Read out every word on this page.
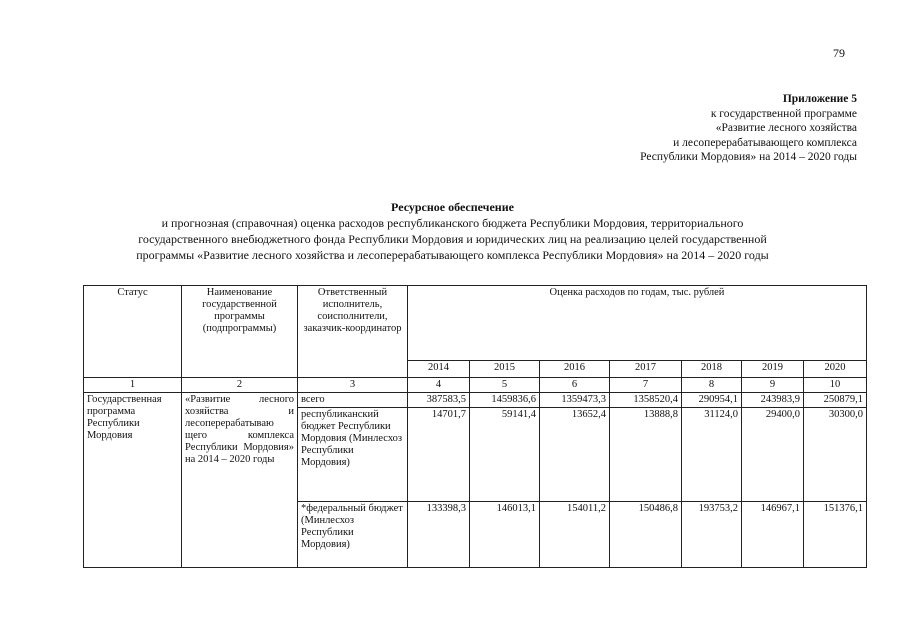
79
Приложение 5
к государственной программе
«Развитие лесного хозяйства
и лесоперерабатывающего комплекса
Республики Мордовия» на 2014 – 2020 годы
Ресурсное обеспечение
и прогнозная (справочная) оценка расходов республиканского бюджета Республики Мордовия, территориального
государственного внебюджетного фонда Республики Мордовия и юридических лиц на реализацию целей государственной
программы «Развитие лесного хозяйства и лесоперерабатывающего комплекса Республики Мордовия» на 2014 – 2020 годы
Статус	Наименование государственной программы (подпрограммы)	Ответственный исполнитель, соисполнители, заказчик-координатор	Оценка расходов по годам, тыс. рублей						
			2014	2015	2016	2017	2018	2019	2020
1	2	3	4	5	6	7	8	9	10
Государственная программа Республики Мордовия	«Развитие лесного хозяйства и лесоперерабатываю щего комплекса Республики Мордовия» на 2014 – 2020 годы	всего	387583,5	1459836,6	1359473,3	1358520,4	290954,1	243983,9	250879,1
		республиканский бюджет Республики Мордовия (Минлесхоз Республики Мордовия)	14701,7	59141,4	13652,4	13888,8	31124,0	29400,0	30300,0
		*федеральный бюджет (Минлесхоз Республики Мордовия)	133398,3	146013,1	154011,2	150486,8	193753,2	146967,1	151376,1
